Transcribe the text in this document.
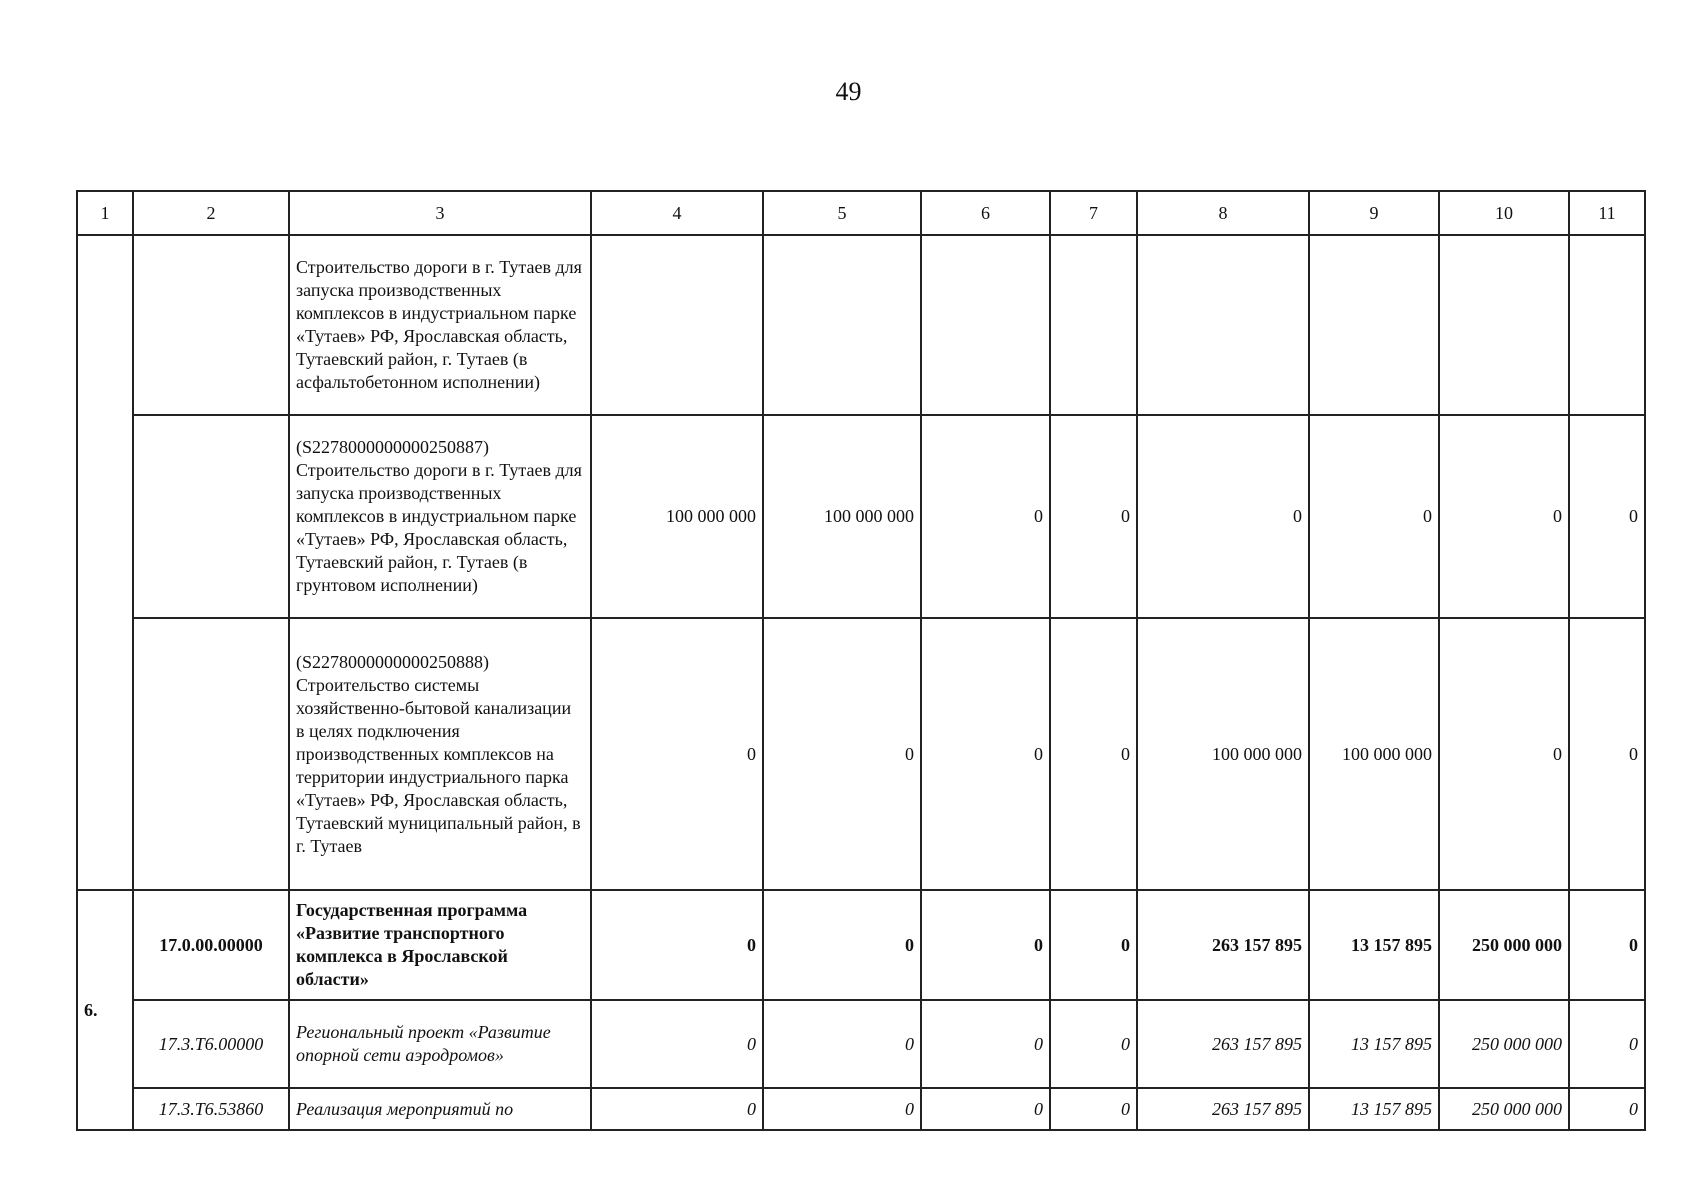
49
1	2	3	4	5	6	7	8	9	10	11
		Строительство дороги в г. Тутаев для запуска производственных комплексов в индустриальном парке «Тутаев» РФ, Ярославская область, Тутаевский район, г. Тутаев (в асфальтобетонном исполнении)								
		(S2278000000000250887) Строительство дороги в г. Тутаев для запуска производственных комплексов в индустриальном парке «Тутаев» РФ, Ярославская область, Тутаевский район, г. Тутаев (в грунтовом исполнении)	100 000 000	100 000 000	0	0	0	0	0	0
		(S2278000000000250888) Строительство системы хозяйственно-бытовой канализации в целях подключения производственных комплексов на территории индустриального парка «Тутаев» РФ, Ярославская область, Тутаевский муниципальный район, в г. Тутаев	0	0	0	0	100 000 000	100 000 000	0	0
6.	17.0.00.00000	Государственная программа «Развитие транспортного комплекса в Ярославской области»	0	0	0	0	263 157 895	13 157 895	250 000 000	0
	17.3.Т6.00000	Региональный проект «Развитие опорной сети аэродромов»	0	0	0	0	263 157 895	13 157 895	250 000 000	0
	17.3.Т6.53860	Реализация мероприятий по	0	0	0	0	263 157 895	13 157 895	250 000 000	0
